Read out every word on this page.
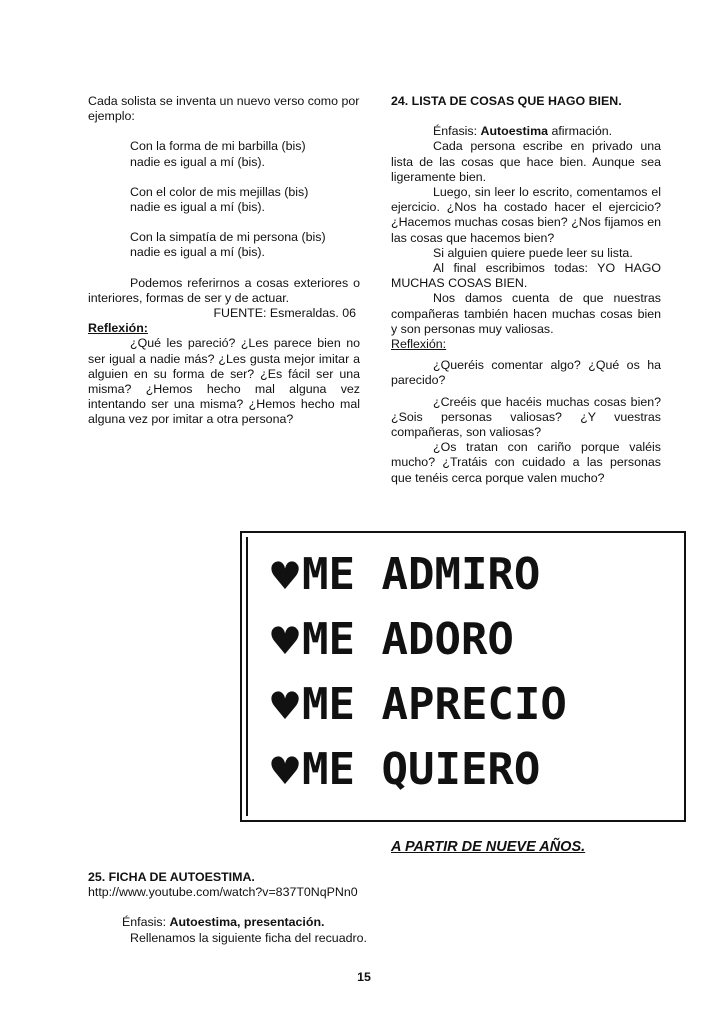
Cada solista se inventa un nuevo verso como por ejemplo:

Con la forma de mi barbilla (bis)

nadie es igual a mí (bis).

Con el color de mis mejillas (bis)

nadie es igual a mí (bis).

Con la simpatía de mi persona (bis)

nadie es igual a mí (bis).

Podemos referirnos a cosas exteriores o interiores, formas de ser y de actuar.

FUENTE: Esmeraldas. 06

Reflexión:

¿Qué les pareció? ¿Les parece bien no ser igual a nadie más? ¿Les gusta mejor imitar a alguien en su forma de ser? ¿Es fácil ser una misma? ¿Hemos hecho mal alguna vez intentando ser una misma? ¿Hemos hecho mal alguna vez por imitar a otra persona?

24. LISTA DE COSAS QUE HAGO BIEN.

Énfasis: Autoestima afirmación.

Cada persona escribe en privado una lista de las cosas que hace bien. Aunque sea ligeramente bien.

Luego, sin leer lo escrito, comentamos el ejercicio. ¿Nos ha costado hacer el ejercicio? ¿Hacemos muchas cosas bien? ¿Nos fijamos en las cosas que hacemos bien?

Si alguien quiere puede leer su lista.

Al final escribimos todas: YO HAGO MUCHAS COSAS BIEN.

Nos damos cuenta de que nuestras compañeras también hacen muchas cosas bien y son personas muy valiosas.

Reflexión:

¿Queréis comentar algo? ¿Qué os ha parecido?

¿Creéis que hacéis muchas cosas bien? ¿Sois personas valiosas? ¿Y vuestras compañeras, son valiosas?

¿Os tratan con cariño porque valéis mucho? ¿Tratáis con cuidado a las personas que tenéis cerca porque valen mucho?

♥ME ADMIRO
♥ME ADORO
♥ME APRECIO
♥ME QUIERO
A PARTIR DE NUEVE AÑOS.

25. FICHA DE AUTOESTIMA.

http://www.youtube.com/watch?v=837T0NqPNn0

Énfasis: Autoestima, presentación.

Rellenamos la siguiente ficha del recuadro.

15
